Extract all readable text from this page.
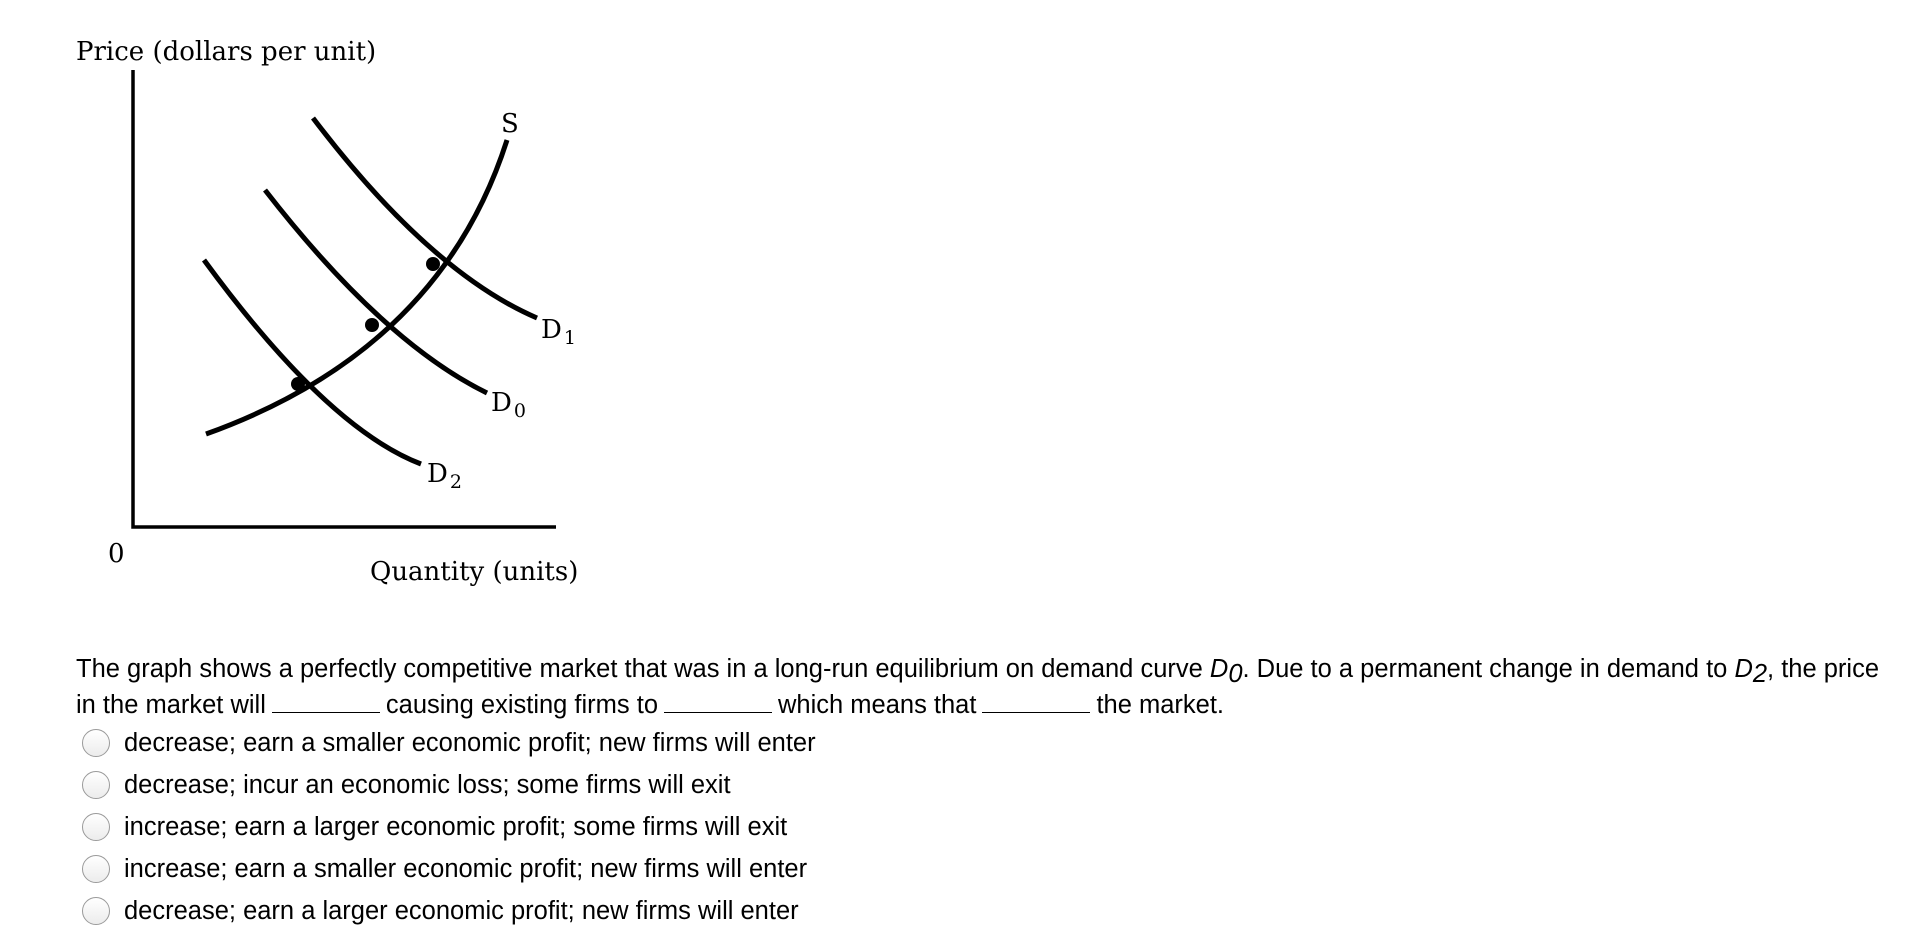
Price (dollars per unit)
S
D $_1$
D $_0$
D $_2$
0
Quantity (units)
The graph shows a perfectly competitive market that was in a long-run equilibrium on demand curve D0. Due to a permanent change in demand to D2, the price in the market will	causing existing firms to	which means that	the market.
decrease; earn a smaller economic profit; new firms will enter
decrease; incur an economic loss; some firms will exit
increase; earn a larger economic profit; some firms will exit
increase; earn a smaller economic profit; new firms will enter
decrease; earn a larger economic profit; new firms will enter
